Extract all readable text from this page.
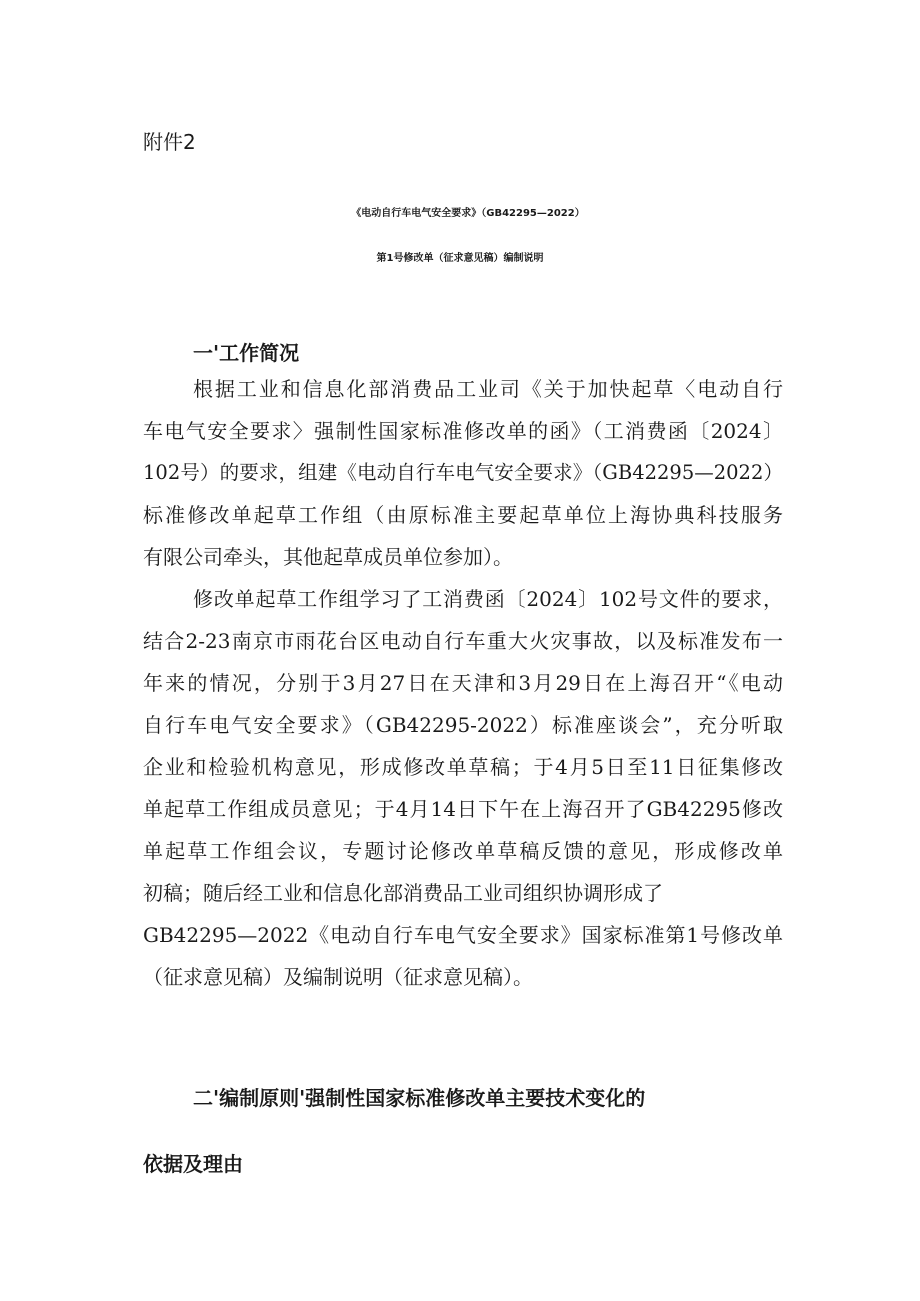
附件2
《电动自行车电气安全要求》（GB42295—2022）
第1号修改单（征求意见稿）编制说明
一'工作简况
根据工业和信息化部消费品工业司《关于加快起草〈电动自行
车电气安全要求〉强制性国家标准修改单的函》（工消费函〔2024〕
102号）的要求，组建《电动自行车电气安全要求》（GB42295—2022）
标准修改单起草工作组（由原标准主要起草单位上海协典科技服务
有限公司牵头，其他起草成员单位参加）。
修改单起草工作组学习了工消费函〔2024〕102号文件的要求，
结合2-23南京市雨花台区电动自行车重大火灾事故，以及标准发布一
年来的情况，分别于3月27日在天津和3月29日在上海召开“《电动
自行车电气安全要求》（GB42295-2022）标准座谈会”，充分听取
企业和检验机构意见，形成修改单草稿；于4月5日至11日征集修改
单起草工作组成员意见；于4月14日下午在上海召开了GB42295修改
单起草工作组会议，专题讨论修改单草稿反馈的意见，形成修改单
初稿；随后经工业和信息化部消费品工业司组织协调形成了
GB42295—2022《电动自行车电气安全要求》国家标准第1号修改单
（征求意见稿）及编制说明（征求意见稿）。
二'编制原则'强制性国家标准修改单主要技术变化的
依据及理由
